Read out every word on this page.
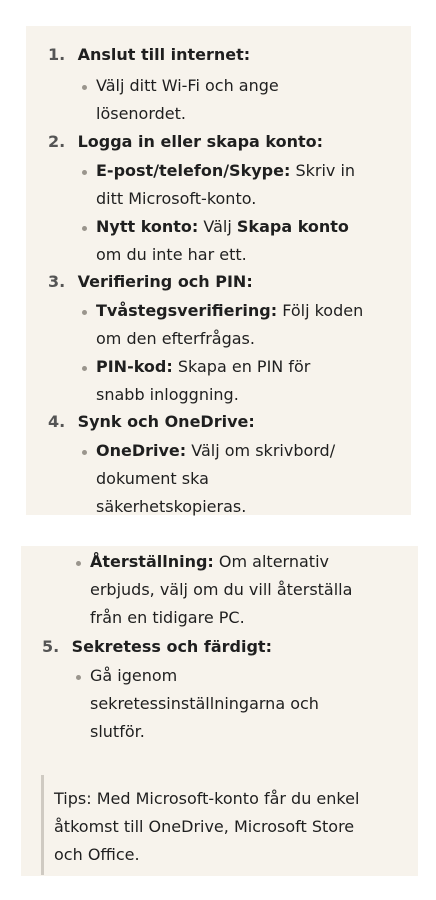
1. Anslut till internet:
Välj ditt Wi-Fi och ange lösenordet.
2. Logga in eller skapa konto:
E-post/telefon/Skype: Skriv in ditt Microsoft-konto.
Nytt konto: Välj Skapa konto om du inte har ett.
3. Verifiering och PIN:
Tvåstegsverifiering: Följ koden om den efterfrågas.
PIN-kod: Skapa en PIN för snabb inloggning.
4. Synk och OneDrive:
OneDrive: Välj om skrivbord/ dokument ska säkerhetskopieras.
Återställning: Om alternativ erbjuds, välj om du vill återställa från en tidigare PC.
5. Sekretess och färdigt:
Gå igenom sekretessinställningarna och slutför.
Tips: Med Microsoft-konto får du enkel åtkomst till OneDrive, Microsoft Store och Office.
